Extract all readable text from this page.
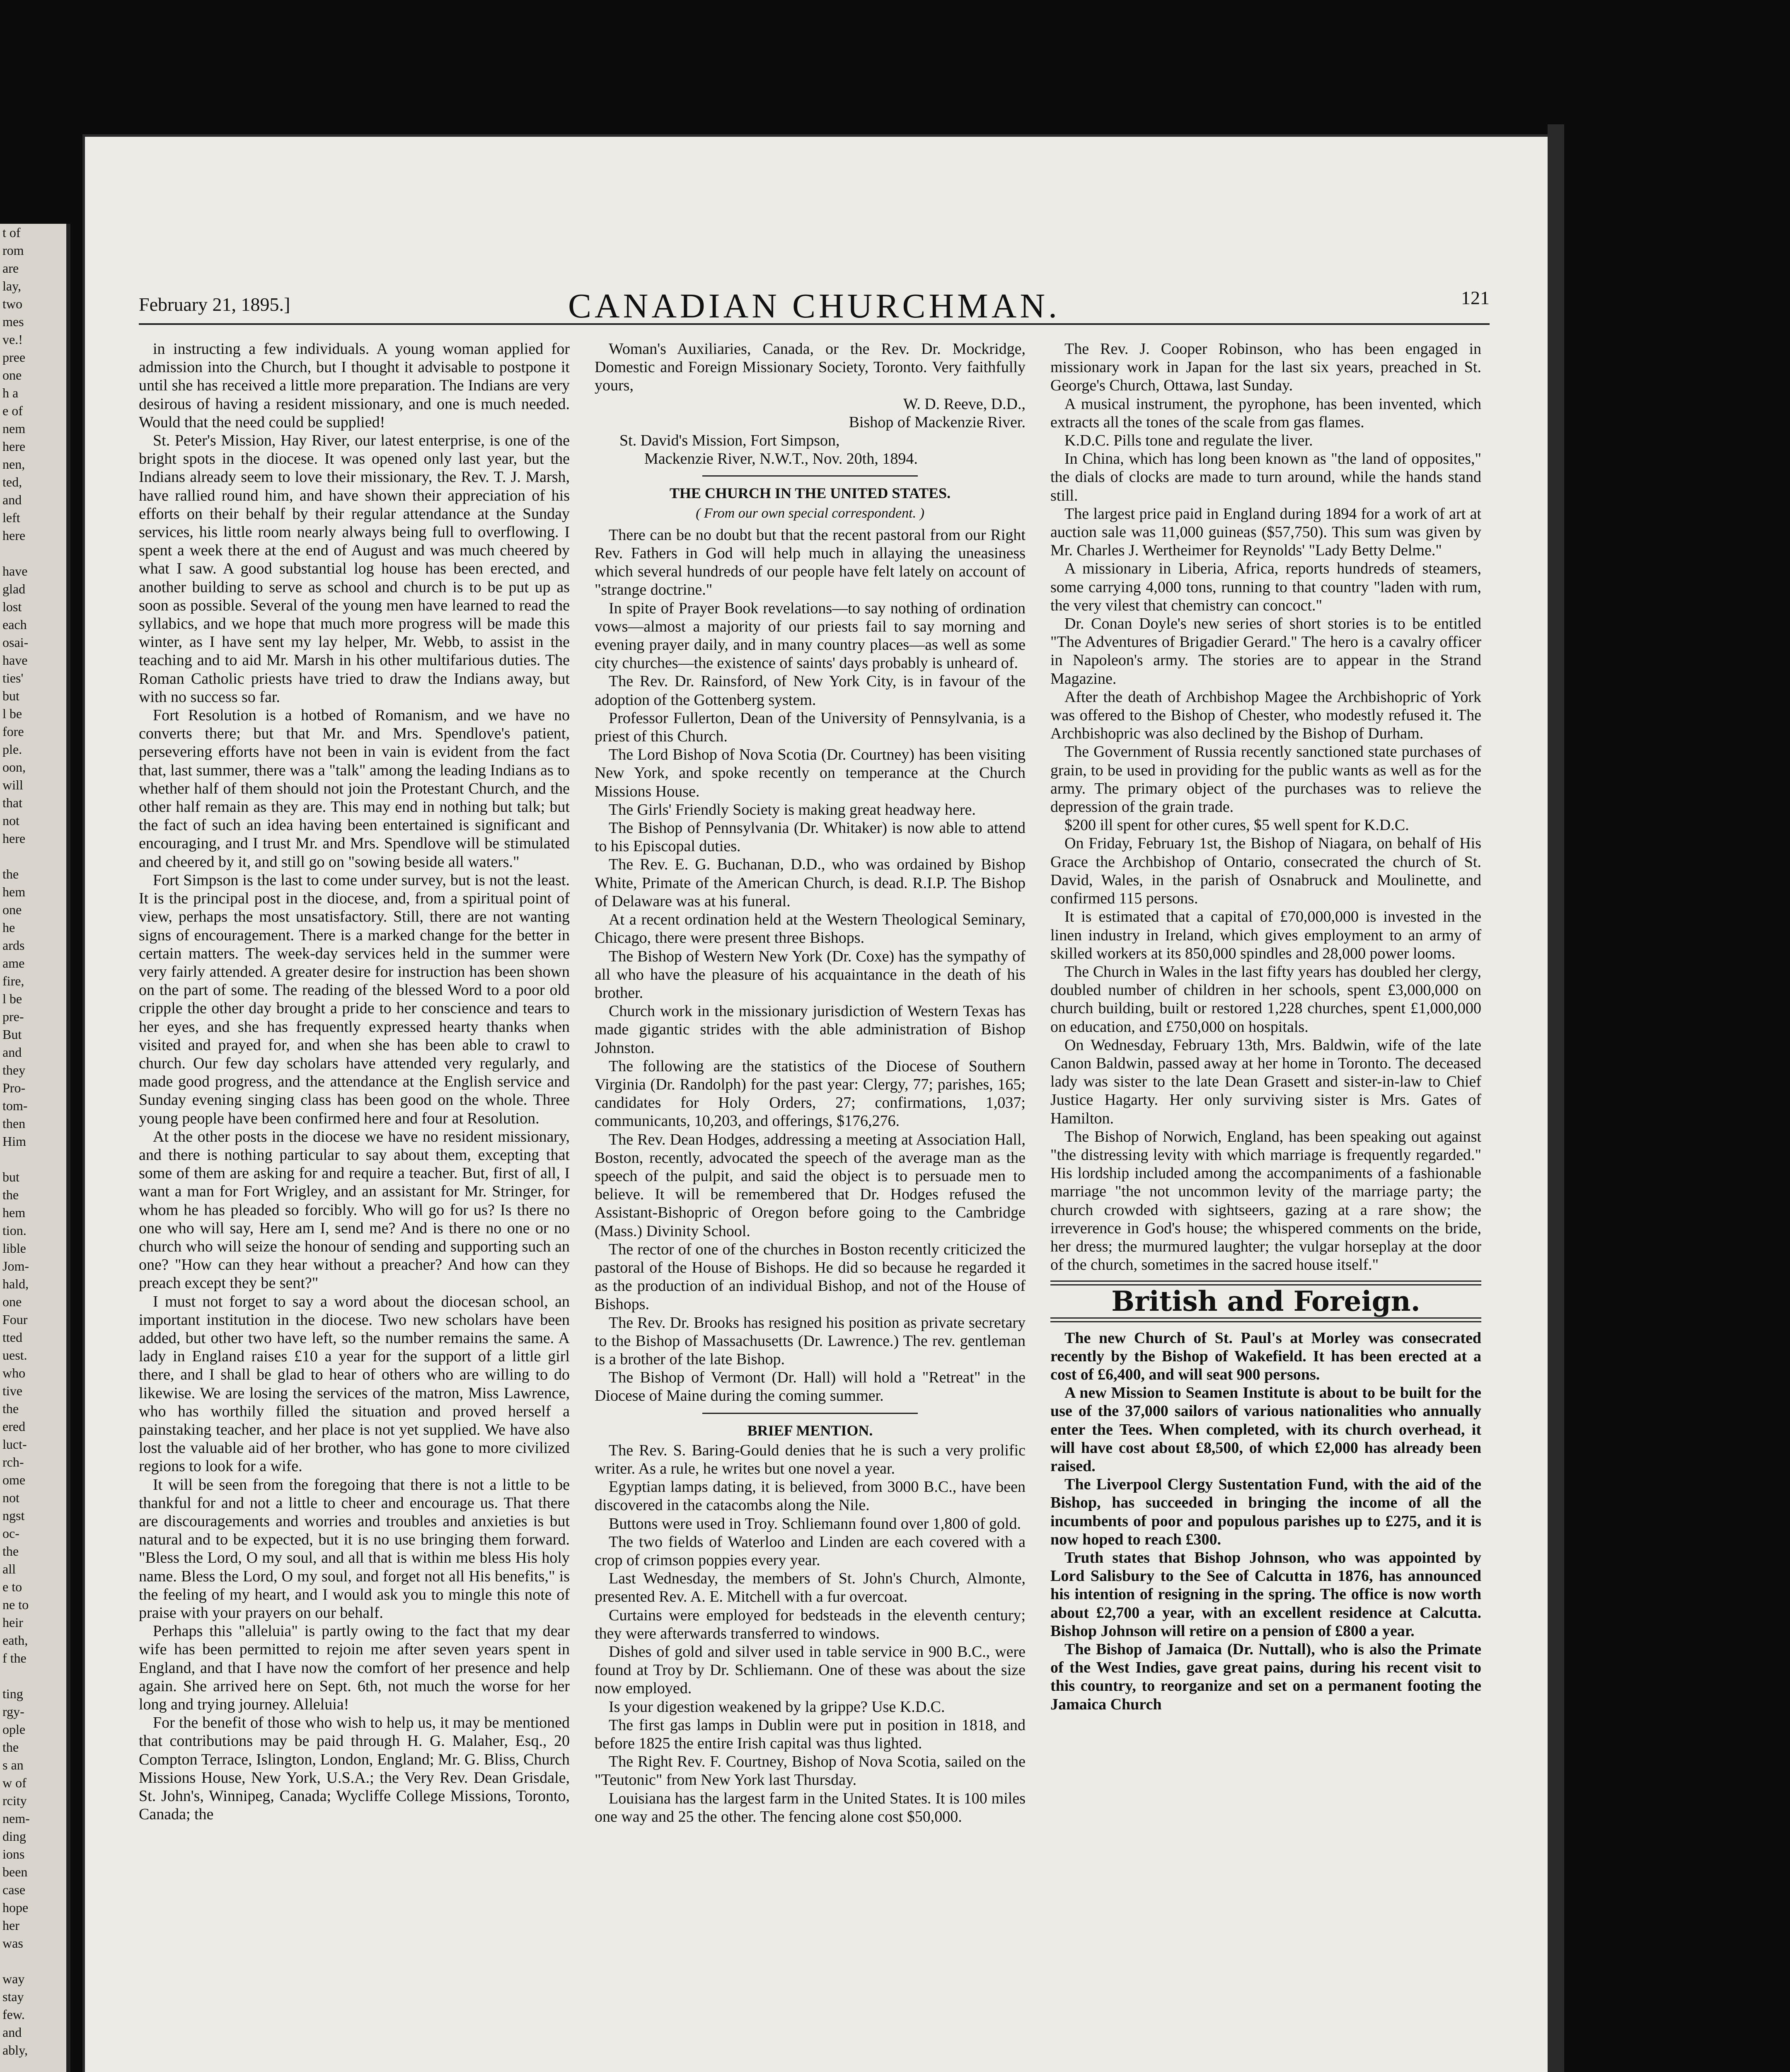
t of
rom
are
lay,
two
mes
ve.!
pree
one
h a
e of
nem
here
nen,
ted,
and
left
here

have
glad
lost
each
osai-
have
ties'
but
l be
fore
ple.
oon,
will
that
not
here

the
hem
one
he
ards
ame
fire,
l be
pre-
But
and
they
Pro-
tom-
then
Him

but
the
hem
tion.
lible
Jom-
hald,
one
Four
tted
uest.
who
tive
the
ered
luct-
rch-
ome
not
ngst
oc-
the
all
e to
ne to
heir
eath,
f the

ting
rgy-
ople
the
s an
w of
rcity
nem-
ding
ions
been
case
hope
her
was

way
stay
few.
and
ably,
February 21, 1895.]	CANADIAN CHURCHMAN.	121

in instructing a few individuals. A young woman applied for admission into the Church, but I thought it advisable to postpone it until she has received a little more preparation. The Indians are very desirous of having a resident missionary, and one is much needed. Would that the need could be supplied!

St. Peter's Mission, Hay River, our latest enterprise, is one of the bright spots in the diocese. It was opened only last year, but the Indians already seem to love their missionary, the Rev. T. J. Marsh, have rallied round him, and have shown their appreciation of his efforts on their behalf by their regular attendance at the Sunday services, his little room nearly always being full to overflowing. I spent a week there at the end of August and was much cheered by what I saw. A good substantial log house has been erected, and another building to serve as school and church is to be put up as soon as possible. Several of the young men have learned to read the syllabics, and we hope that much more progress will be made this winter, as I have sent my lay helper, Mr. Webb, to assist in the teaching and to aid Mr. Marsh in his other multifarious duties. The Roman Catholic priests have tried to draw the Indians away, but with no success so far.

Fort Resolution is a hotbed of Romanism, and we have no converts there; but that Mr. and Mrs. Spendlove's patient, persevering efforts have not been in vain is evident from the fact that, last summer, there was a "talk" among the leading Indians as to whether half of them should not join the Protestant Church, and the other half remain as they are. This may end in nothing but talk; but the fact of such an idea having been entertained is significant and encouraging, and I trust Mr. and Mrs. Spendlove will be stimulated and cheered by it, and still go on "sowing beside all waters."

Fort Simpson is the last to come under survey, but is not the least. It is the principal post in the diocese, and, from a spiritual point of view, perhaps the most unsatisfactory. Still, there are not wanting signs of encouragement. There is a marked change for the better in certain matters. The week-day services held in the summer were very fairly attended. A greater desire for instruction has been shown on the part of some. The reading of the blessed Word to a poor old cripple the other day brought a pride to her conscience and tears to her eyes, and she has frequently expressed hearty thanks when visited and prayed for, and when she has been able to crawl to church. Our few day scholars have attended very regularly, and made good progress, and the attendance at the English service and Sunday evening singing class has been good on the whole. Three young people have been confirmed here and four at Resolution.

At the other posts in the diocese we have no resident missionary, and there is nothing particular to say about them, excepting that some of them are asking for and require a teacher. But, first of all, I want a man for Fort Wrigley, and an assistant for Mr. Stringer, for whom he has pleaded so forcibly. Who will go for us? Is there no one who will say, Here am I, send me? And is there no one or no church who will seize the honour of sending and supporting such an one? "How can they hear without a preacher? And how can they preach except they be sent?"

I must not forget to say a word about the diocesan school, an important institution in the diocese. Two new scholars have been added, but other two have left, so the number remains the same. A lady in England raises £10 a year for the support of a little girl there, and I shall be glad to hear of others who are willing to do likewise. We are losing the services of the matron, Miss Lawrence, who has worthily filled the situation and proved herself a painstaking teacher, and her place is not yet supplied. We have also lost the valuable aid of her brother, who has gone to more civilized regions to look for a wife.

It will be seen from the foregoing that there is not a little to be thankful for and not a little to cheer and encourage us. That there are discouragements and worries and troubles and anxieties is but natural and to be expected, but it is no use bringing them forward. "Bless the Lord, O my soul, and all that is within me bless His holy name. Bless the Lord, O my soul, and forget not all His benefits," is the feeling of my heart, and I would ask you to mingle this note of praise with your prayers on our behalf.

Perhaps this "alleluia" is partly owing to the fact that my dear wife has been permitted to rejoin me after seven years spent in England, and that I have now the comfort of her presence and help again. She arrived here on Sept. 6th, not much the worse for her long and trying journey. Alleluia!

For the benefit of those who wish to help us, it may be mentioned that contributions may be paid through H. G. Malaher, Esq., 20 Compton Terrace, Islington, London, England; Mr. G. Bliss, Church Missions House, New York, U.S.A.; the Very Rev. Dean Grisdale, St. John's, Winnipeg, Canada; Wycliffe College Missions, Toronto, Canada; the

Woman's Auxiliaries, Canada, or the Rev. Dr. Mockridge, Domestic and Foreign Missionary Society, Toronto. Very faithfully yours,

W. D. Reeve, D.D.,

Bishop of Mackenzie River.

St. David's Mission, Fort Simpson,

Mackenzie River, N.W.T., Nov. 20th, 1894.

THE CHURCH IN THE UNITED STATES.
( From our own special correspondent. )

There can be no doubt but that the recent pastoral from our Right Rev. Fathers in God will help much in allaying the uneasiness which several hundreds of our people have felt lately on account of "strange doctrine."

In spite of Prayer Book revelations—to say nothing of ordination vows—almost a majority of our priests fail to say morning and evening prayer daily, and in many country places—as well as some city churches—the existence of saints' days probably is unheard of.

The Rev. Dr. Rainsford, of New York City, is in favour of the adoption of the Gottenberg system.

Professor Fullerton, Dean of the University of Pennsylvania, is a priest of this Church.

The Lord Bishop of Nova Scotia (Dr. Courtney) has been visiting New York, and spoke recently on temperance at the Church Missions House.

The Girls' Friendly Society is making great headway here.

The Bishop of Pennsylvania (Dr. Whitaker) is now able to attend to his Episcopal duties.

The Rev. E. G. Buchanan, D.D., who was ordained by Bishop White, Primate of the American Church, is dead. R.I.P. The Bishop of Delaware was at his funeral.

At a recent ordination held at the Western Theological Seminary, Chicago, there were present three Bishops.

The Bishop of Western New York (Dr. Coxe) has the sympathy of all who have the pleasure of his acquaintance in the death of his brother.

Church work in the missionary jurisdiction of Western Texas has made gigantic strides with the able administration of Bishop Johnston.

The following are the statistics of the Diocese of Southern Virginia (Dr. Randolph) for the past year: Clergy, 77; parishes, 165; candidates for Holy Orders, 27; confirmations, 1,037; communicants, 10,203, and offerings, $176,276.

The Rev. Dean Hodges, addressing a meeting at Association Hall, Boston, recently, advocated the speech of the average man as the speech of the pulpit, and said the object is to persuade men to believe. It will be remembered that Dr. Hodges refused the Assistant-Bishopric of Oregon before going to the Cambridge (Mass.) Divinity School.

The rector of one of the churches in Boston recently criticized the pastoral of the House of Bishops. He did so because he regarded it as the production of an individual Bishop, and not of the House of Bishops.

The Rev. Dr. Brooks has resigned his position as private secretary to the Bishop of Massachusetts (Dr. Lawrence.) The rev. gentleman is a brother of the late Bishop.

The Bishop of Vermont (Dr. Hall) will hold a "Retreat" in the Diocese of Maine during the coming summer.

BRIEF MENTION.

The Rev. S. Baring-Gould denies that he is such a very prolific writer. As a rule, he writes but one novel a year.

Egyptian lamps dating, it is believed, from 3000 B.C., have been discovered in the catacombs along the Nile.

Buttons were used in Troy. Schliemann found over 1,800 of gold.

The two fields of Waterloo and Linden are each covered with a crop of crimson poppies every year.

Last Wednesday, the members of St. John's Church, Almonte, presented Rev. A. E. Mitchell with a fur overcoat.

Curtains were employed for bedsteads in the eleventh century; they were afterwards transferred to windows.

Dishes of gold and silver used in table service in 900 B.C., were found at Troy by Dr. Schliemann. One of these was about the size now employed.

Is your digestion weakened by la grippe? Use K.D.C.

The first gas lamps in Dublin were put in position in 1818, and before 1825 the entire Irish capital was thus lighted.

The Right Rev. F. Courtney, Bishop of Nova Scotia, sailed on the "Teutonic" from New York last Thursday.

Louisiana has the largest farm in the United States. It is 100 miles one way and 25 the other. The fencing alone cost $50,000.

The Rev. J. Cooper Robinson, who has been engaged in missionary work in Japan for the last six years, preached in St. George's Church, Ottawa, last Sunday.

A musical instrument, the pyrophone, has been invented, which extracts all the tones of the scale from gas flames.

K.D.C. Pills tone and regulate the liver.

In China, which has long been known as "the land of opposites," the dials of clocks are made to turn around, while the hands stand still.

The largest price paid in England during 1894 for a work of art at auction sale was 11,000 guineas ($57,750). This sum was given by Mr. Charles J. Wertheimer for Reynolds' "Lady Betty Delme."

A missionary in Liberia, Africa, reports hundreds of steamers, some carrying 4,000 tons, running to that country "laden with rum, the very vilest that chemistry can concoct."

Dr. Conan Doyle's new series of short stories is to be entitled "The Adventures of Brigadier Gerard." The hero is a cavalry officer in Napoleon's army. The stories are to appear in the Strand Magazine.

After the death of Archbishop Magee the Archbishopric of York was offered to the Bishop of Chester, who modestly refused it. The Archbishopric was also declined by the Bishop of Durham.

The Government of Russia recently sanctioned state purchases of grain, to be used in providing for the public wants as well as for the army. The primary object of the purchases was to relieve the depression of the grain trade.

$200 ill spent for other cures, $5 well spent for K.D.C.

On Friday, February 1st, the Bishop of Niagara, on behalf of His Grace the Archbishop of Ontario, consecrated the church of St. David, Wales, in the parish of Osnabruck and Moulinette, and confirmed 115 persons.

It is estimated that a capital of £70,000,000 is invested in the linen industry in Ireland, which gives employment to an army of skilled workers at its 850,000 spindles and 28,000 power looms.

The Church in Wales in the last fifty years has doubled her clergy, doubled number of children in her schools, spent £3,000,000 on church building, built or restored 1,228 churches, spent £1,000,000 on education, and £750,000 on hospitals.

On Wednesday, February 13th, Mrs. Baldwin, wife of the late Canon Baldwin, passed away at her home in Toronto. The deceased lady was sister to the late Dean Grasett and sister-in-law to Chief Justice Hagarty. Her only surviving sister is Mrs. Gates of Hamilton.

The Bishop of Norwich, England, has been speaking out against "the distressing levity with which marriage is frequently regarded." His lordship included among the accompaniments of a fashionable marriage "the not uncommon levity of the marriage party; the church crowded with sightseers, gazing at a rare show; the irreverence in God's house; the whispered comments on the bride, her dress; the murmured laughter; the vulgar horseplay at the door of the church, sometimes in the sacred house itself."

British and Foreign.

The new Church of St. Paul's at Morley was consecrated recently by the Bishop of Wakefield. It has been erected at a cost of £6,400, and will seat 900 persons.

A new Mission to Seamen Institute is about to be built for the use of the 37,000 sailors of various nationalities who annually enter the Tees. When completed, with its church overhead, it will have cost about £8,500, of which £2,000 has already been raised.

The Liverpool Clergy Sustentation Fund, with the aid of the Bishop, has succeeded in bringing the income of all the incumbents of poor and populous parishes up to £275, and it is now hoped to reach £300.

Truth states that Bishop Johnson, who was appointed by Lord Salisbury to the See of Calcutta in 1876, has announced his intention of resigning in the spring. The office is now worth about £2,700 a year, with an excellent residence at Calcutta. Bishop Johnson will retire on a pension of £800 a year.

The Bishop of Jamaica (Dr. Nuttall), who is also the Primate of the West Indies, gave great pains, during his recent visit to this country, to reorganize and set on a permanent footing the Jamaica Church
